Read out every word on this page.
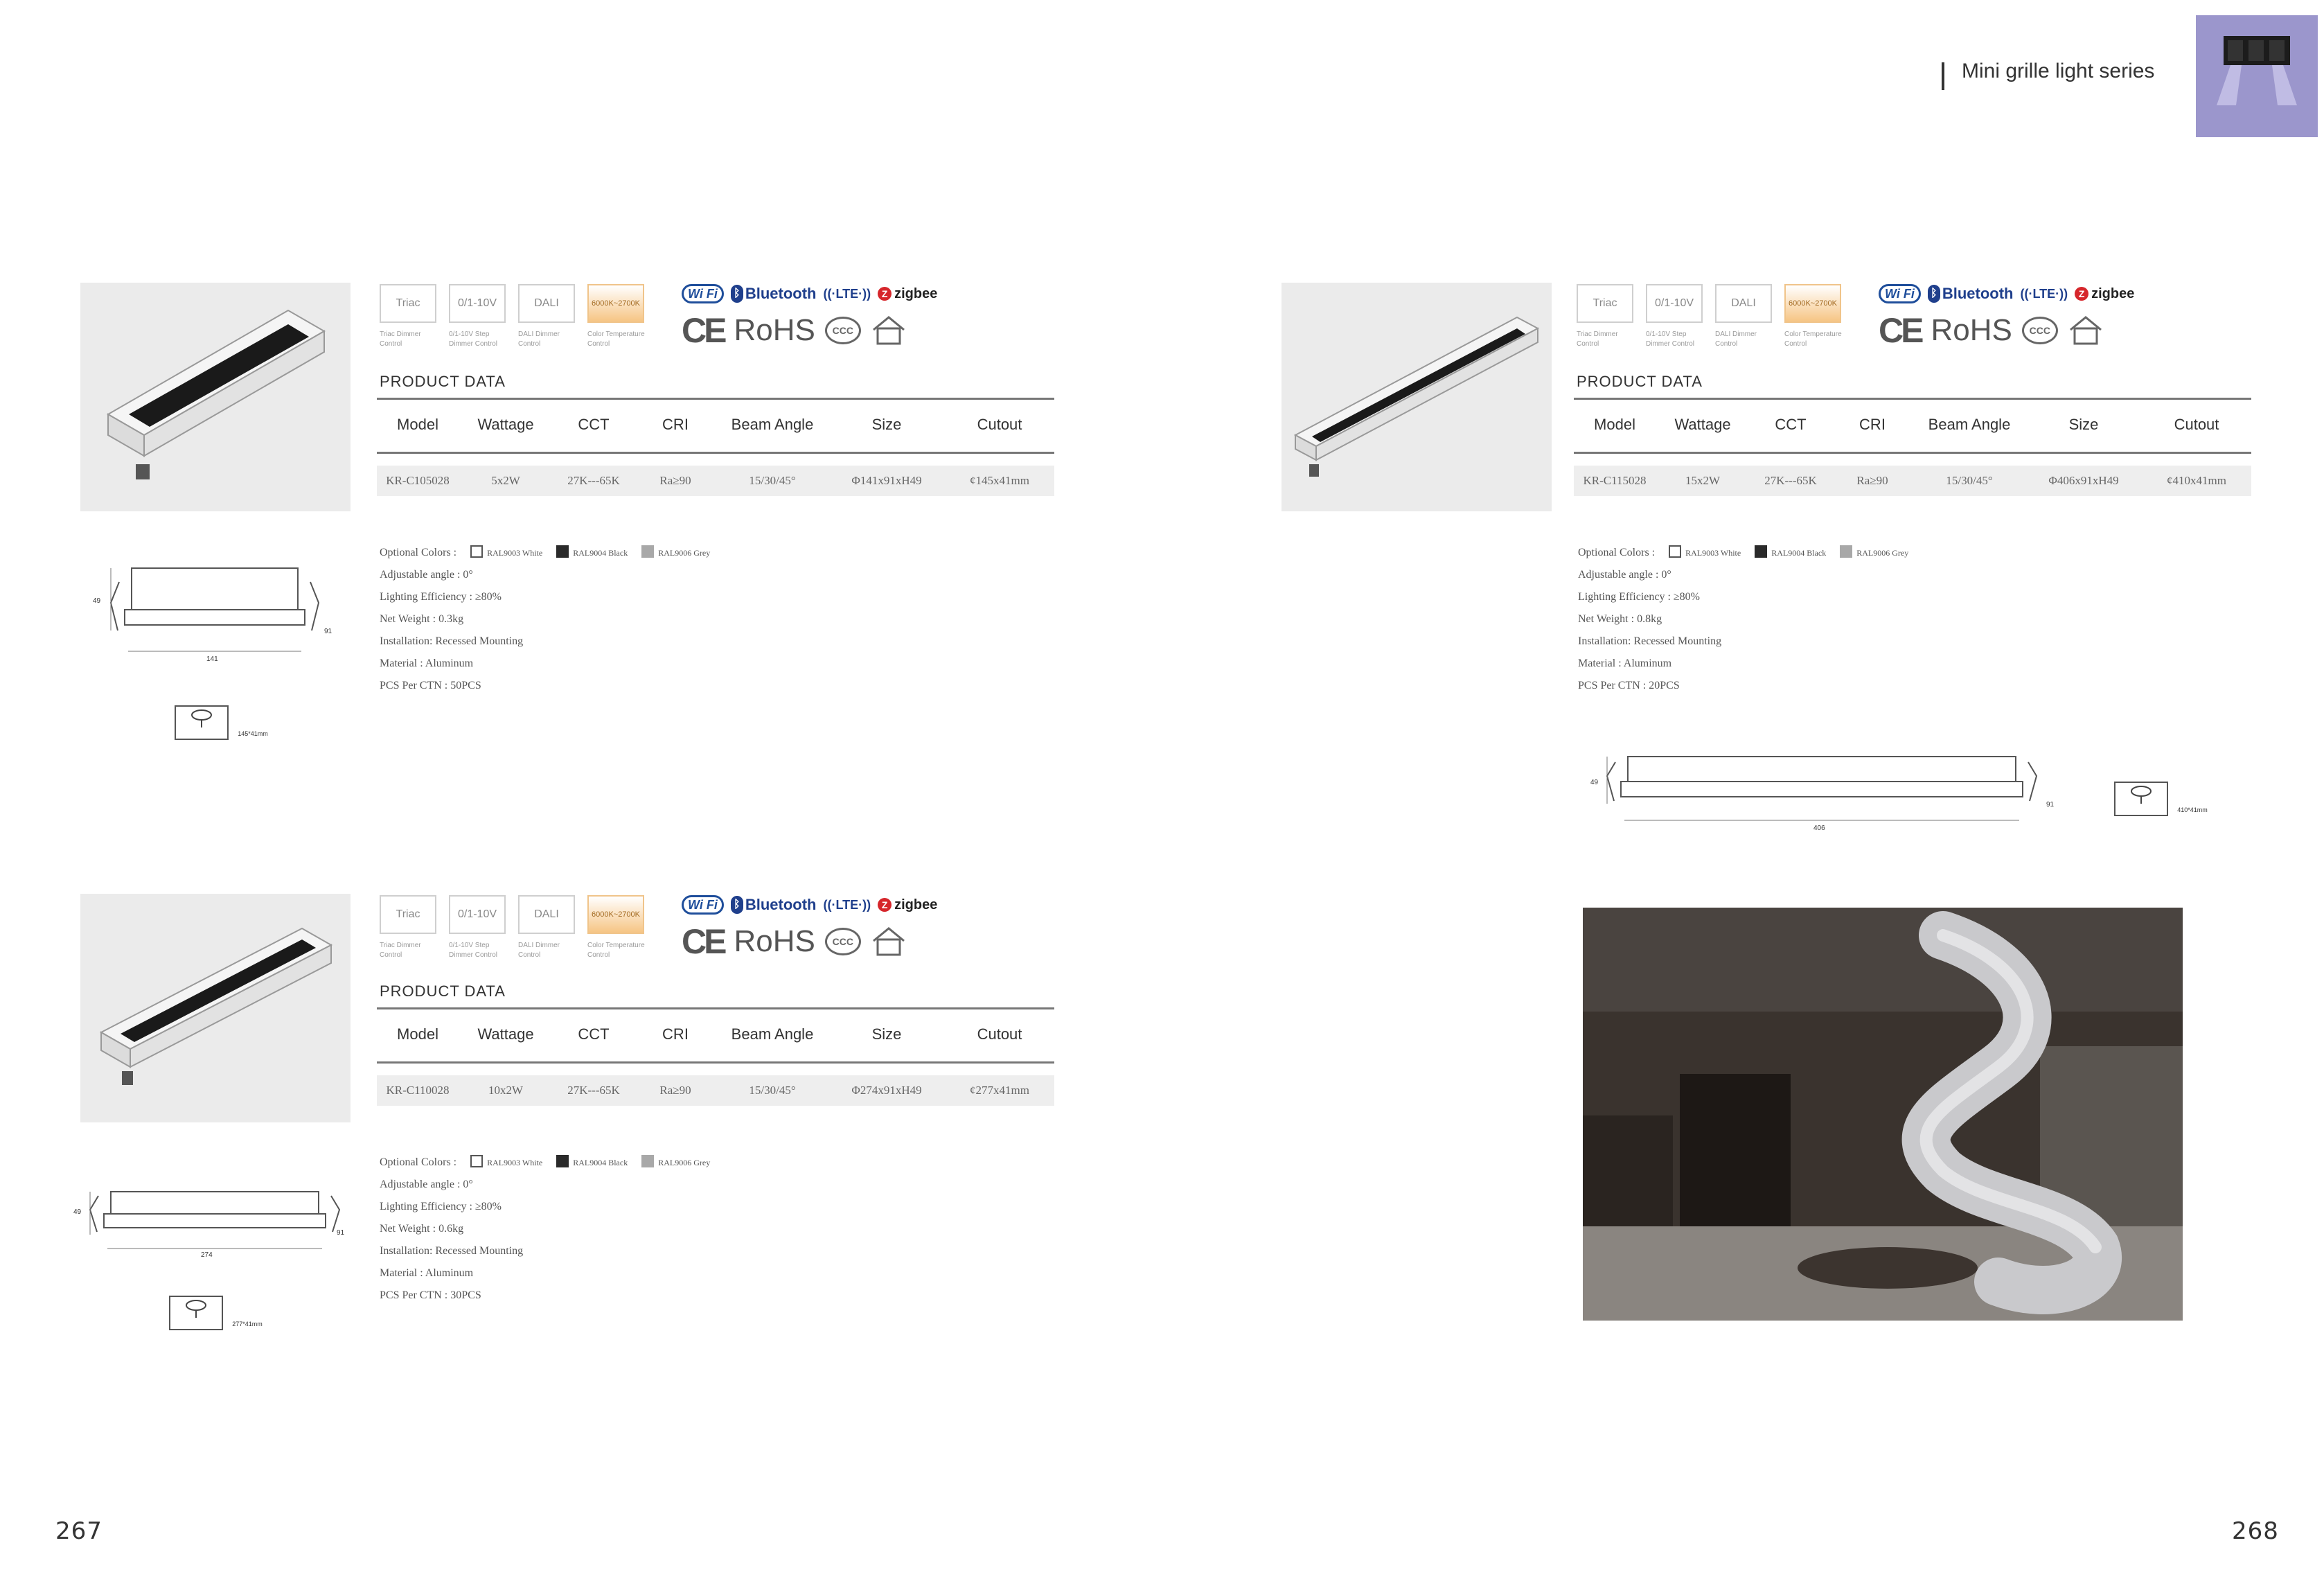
Mini grille light series
267	268
Triac	0/1-10V	DALI	6000K~2700K
Triac Dimmer Control
0/1-10V Step Dimmer Control
DALI Dimmer Control
Color Temperature Control
Wi Fi	ᛒ Bluetooth ((·LTE·))	Z zigbee
CE RoHS	CCC
PRODUCT DATA
Model	Wattage	CCT	CRI	Beam Angle	Size	Cutout
KR-C105028	5x2W	27K---65K	Ra≥90	15/30/45°	Φ141x91xH49	¢145x41mm
Optional Colors :	RAL9003 White	RAL9004 Black	RAL9006 Grey
Adjustable angle : 0°
Lighting Efficiency : ≥80%
Net Weight : 0.3kg
Installation: Recessed Mounting
Material : Aluminum
PCS Per CTN : 50PCS
49
91
141
145*41mm
Triac	0/1-10V	DALI	6000K~2700K
Triac Dimmer Control
0/1-10V Step Dimmer Control
DALI Dimmer Control
Color Temperature Control
Wi Fi	ᛒ Bluetooth ((·LTE·))	Z zigbee
CE RoHS	CCC
PRODUCT DATA
Model	Wattage	CCT	CRI	Beam Angle	Size	Cutout
KR-C115028	15x2W	27K---65K	Ra≥90	15/30/45°	Φ406x91xH49	¢410x41mm
Optional Colors :	RAL9003 White	RAL9004 Black	RAL9006 Grey
Adjustable angle : 0°
Lighting Efficiency : ≥80%
Net Weight : 0.8kg
Installation: Recessed Mounting
Material : Aluminum
PCS Per CTN : 20PCS
49
91
406
410*41mm
Triac	0/1-10V	DALI	6000K~2700K
Triac Dimmer Control
0/1-10V Step Dimmer Control
DALI Dimmer Control
Color Temperature Control
Wi Fi	ᛒ Bluetooth ((·LTE·))	Z zigbee
CE RoHS	CCC
PRODUCT DATA
Model	Wattage	CCT	CRI	Beam Angle	Size	Cutout
KR-C110028	10x2W	27K---65K	Ra≥90	15/30/45°	Φ274x91xH49	¢277x41mm
Optional Colors :	RAL9003 White	RAL9004 Black	RAL9006 Grey
Adjustable angle : 0°
Lighting Efficiency : ≥80%
Net Weight : 0.6kg
Installation: Recessed Mounting
Material : Aluminum
PCS Per CTN : 30PCS
49
91
274
277*41mm
